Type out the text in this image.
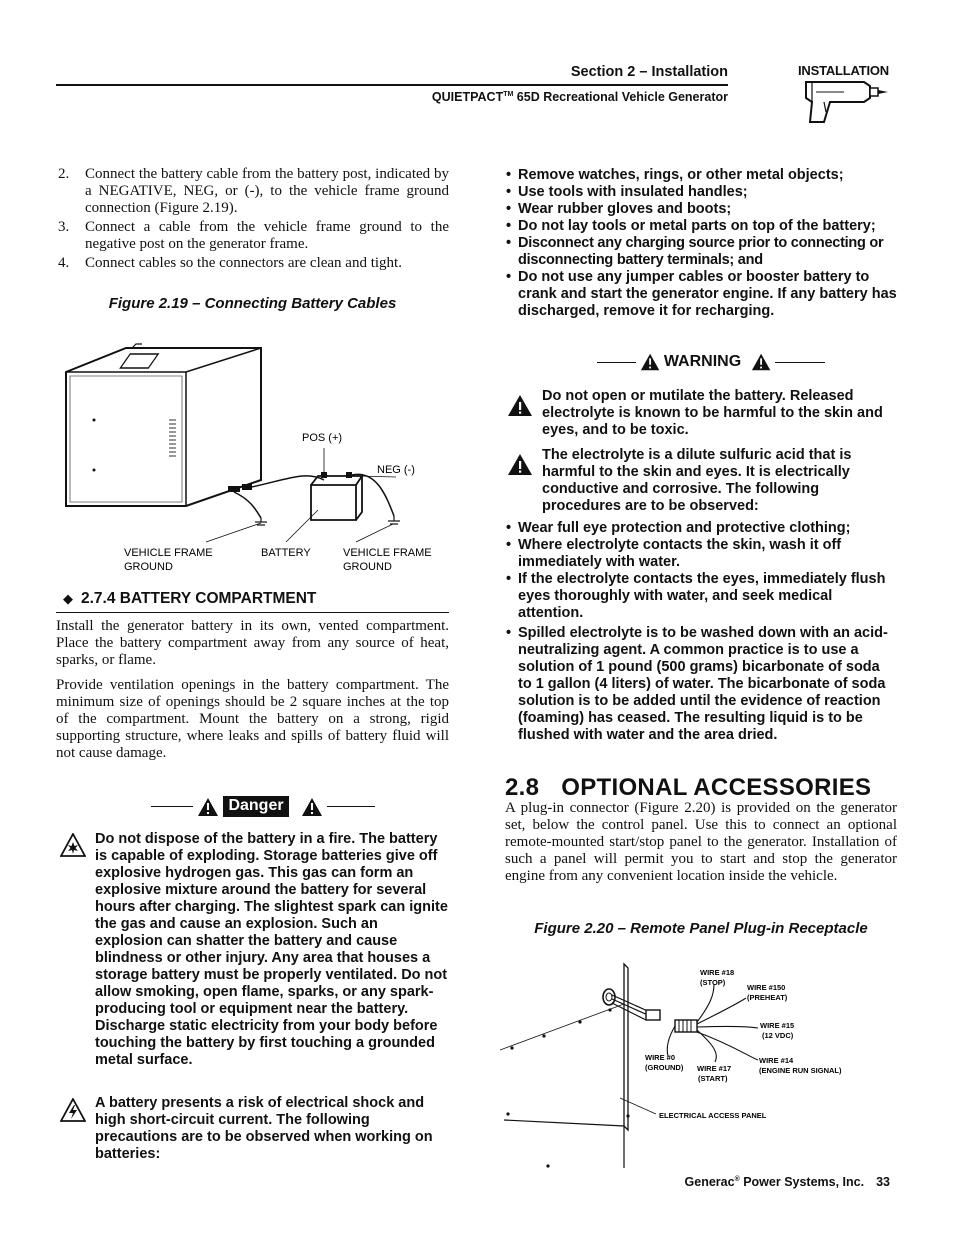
Section 2 – Installation
QUIETPACT™ 65D Recreational Vehicle Generator
INSTALLATION
2. Connect the battery cable from the battery post, indicated by a NEGATIVE, NEG, or (-), to the vehicle frame ground connection (Figure 2.19).
3. Connect a cable from the vehicle frame ground to the negative post on the generator frame.
4. Connect cables so the connectors are clean and tight.
Figure 2.19 – Connecting Battery Cables
POS (+)
NEG (-)
VEHICLE FRAME
GROUND
BATTERY	VEHICLE FRAME
GROUND
◆ 2.7.4 BATTERY COMPARTMENT
Install the generator battery in its own, vented compartment. Place the battery compartment away from any source of heat, sparks, or flame.
Provide ventilation openings in the battery compartment. The minimum size of openings should be 2 square inches at the top of the compartment. Mount the battery on a strong, rigid supporting structure, where leaks and spills of battery fluid will not cause damage.
Danger
Do not dispose of the battery in a fire. The battery is capable of exploding. Storage batteries give off explosive hydrogen gas. This gas can form an explosive mixture around the battery for several hours after charging. The slightest spark can ignite the gas and cause an explosion. Such an explosion can shatter the battery and cause blindness or other injury. Any area that houses a storage battery must be properly ventilated. Do not allow smoking, open flame, sparks, or any spark-producing tool or equipment near the battery. Discharge static electricity from your body before touching the battery by first touching a grounded metal surface.
A battery presents a risk of electrical shock and high short-circuit current. The following precautions are to be observed when working on batteries:
• Remove watches, rings, or other metal objects;
• Use tools with insulated handles;
• Wear rubber gloves and boots;
• Do not lay tools or metal parts on top of the battery;
• Disconnect any charging source prior to connecting or disconnecting battery terminals; and
• Do not use any jumper cables or booster battery to crank and start the generator engine. If any battery has discharged, remove it for recharging.
WARNING
Do not open or mutilate the battery. Released electrolyte is known to be harmful to the skin and eyes, and to be toxic.
The electrolyte is a dilute sulfuric acid that is harmful to the skin and eyes. It is electrically conductive and corrosive. The following procedures are to be observed:
• Wear full eye protection and protective clothing;
• Where electrolyte contacts the skin, wash it off immediately with water.
• If the electrolyte contacts the eyes, immediately flush eyes thoroughly with water, and seek medical attention.
• Spilled electrolyte is to be washed down with an acid-neutralizing agent. A common practice is to use a solution of 1 pound (500 grams) bicarbonate of soda to 1 gallon (4 liters) of water. The bicarbonate of soda solution is to be added until the evidence of reaction (foaming) has ceased. The resulting liquid is to be flushed with water and the area dried.
2.8 OPTIONAL ACCESSORIES
A plug-in connector (Figure 2.20) is provided on the generator set, below the control panel. Use this to connect an optional remote-mounted start/stop panel to the generator. Installation of such a panel will permit you to start and stop the generator engine from any convenient location inside the vehicle.
Figure 2.20 – Remote Panel Plug-in Receptacle
WIRE #18
(STOP)
WIRE #150
(PREHEAT)
WIRE #15
(12 VDC)
WIRE #0
(GROUND) WIRE #17
(START)
WIRE #14
(ENGINE RUN SIGNAL)
ELECTRICAL ACCESS PANEL
Generac® Power Systems, Inc. 33
